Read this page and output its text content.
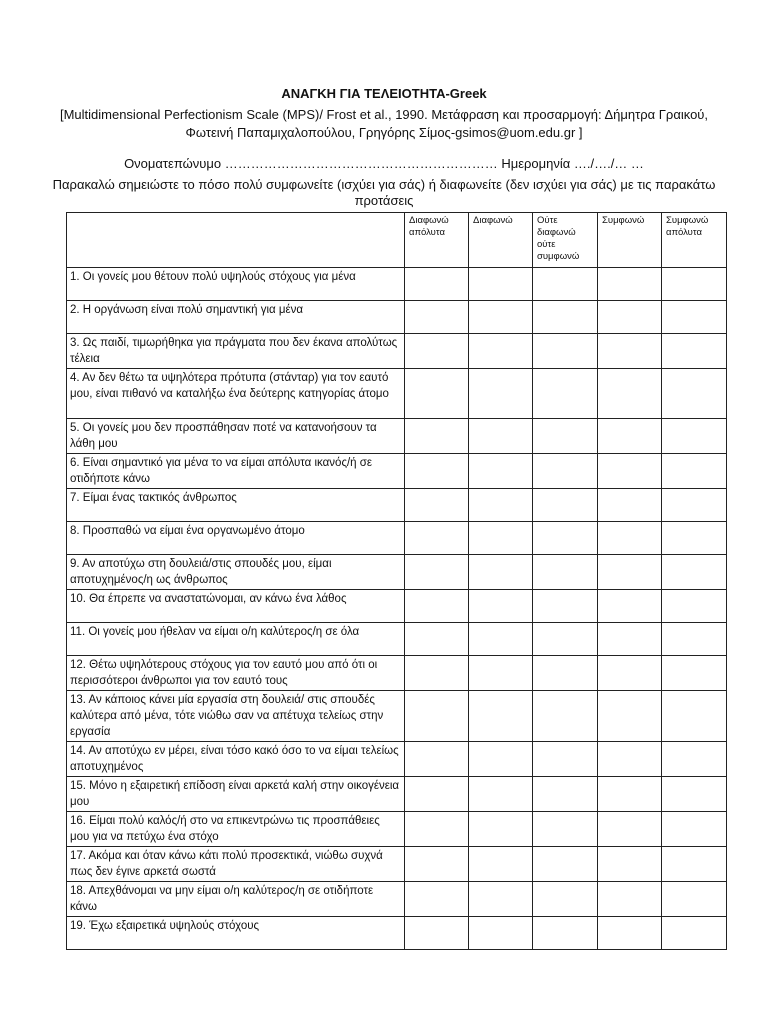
ΑΝΑΓΚΗ ΓΙΑ ΤΕΛΕΙΟΤΗΤΑ-Greek
[Multidimensional Perfectionism Scale (MPS)/ Frost et al., 1990. Μετάφραση και προσαρμογή: Δήμητρα Γραικού, Φωτεινή Παπαμιχαλοπούλου, Γρηγόρης Σίμος-gsimos@uom.edu.gr ]
Ονοματεπώνυμο ……………………………………………………… Ημερομηνία …./…./… …
Παρακαλώ σημειώστε το πόσο πολύ συμφωνείτε (ισχύει για σάς) ή διαφωνείτε (δεν ισχύει για σάς) με τις παρακάτω προτάσεις
	Διαφωνώ απόλυτα	Διαφωνώ	Ούτε διαφωνώ ούτε συμφωνώ	Συμφωνώ	Συμφωνώ απόλυτα
1. Οι γονείς μου θέτουν πολύ υψηλούς στόχους για μένα					
2. Η οργάνωση είναι πολύ σημαντική για μένα					
3. Ως παιδί, τιμωρήθηκα για πράγματα που δεν έκανα απολύτως τέλεια					
4. Αν δεν θέτω τα υψηλότερα πρότυπα (στάνταρ) για τον εαυτό μου, είναι πιθανό να καταλήξω ένα δεύτερης κατηγορίας άτομο					
5. Οι γονείς μου δεν προσπάθησαν ποτέ να κατανοήσουν τα λάθη μου					
6. Είναι σημαντικό για μένα το να είμαι απόλυτα ικανός/ή σε οτιδήποτε κάνω					
7. Είμαι ένας τακτικός άνθρωπος					
8. Προσπαθώ να είμαι ένα οργανωμένο άτομο					
9. Αν αποτύχω στη δουλειά/στις σπουδές μου, είμαι αποτυχημένος/η ως άνθρωπος					
10. Θα έπρεπε να αναστατώνομαι, αν κάνω ένα λάθος					
11. Οι γονείς μου ήθελαν να είμαι ο/η καλύτερος/η σε όλα					
12. Θέτω υψηλότερους στόχους για τον εαυτό μου από ότι οι περισσότεροι άνθρωποι για τον εαυτό τους					
13. Αν κάποιος κάνει μία εργασία στη δουλειά/ στις σπουδές καλύτερα από μένα, τότε νιώθω σαν να απέτυχα τελείως στην εργασία					
14. Αν αποτύχω εν μέρει, είναι τόσο κακό όσο το να είμαι τελείως αποτυχημένος					
15. Μόνο η εξαιρετική επίδοση είναι αρκετά καλή στην οικογένεια μου					
16. Είμαι πολύ καλός/ή στο να επικεντρώνω τις προσπάθειες μου για να πετύχω ένα στόχο					
17. Ακόμα και όταν κάνω κάτι πολύ προσεκτικά, νιώθω συχνά πως δεν έγινε αρκετά σωστά					
18. Απεχθάνομαι να μην είμαι ο/η καλύτερος/η σε οτιδήποτε κάνω					
19. Έχω εξαιρετικά υψηλούς στόχους					
